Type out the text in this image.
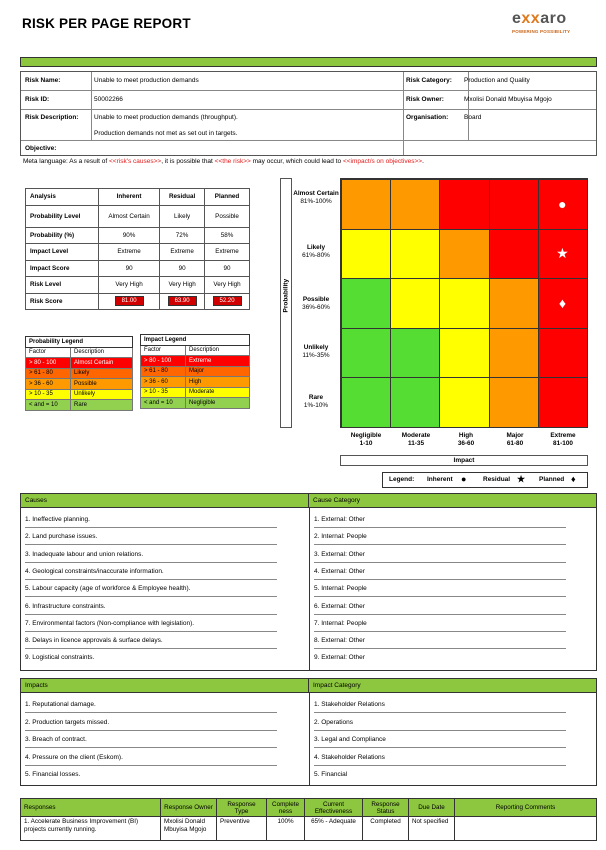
RISK PER PAGE REPORT	exxaro
POWERING POSSIBILITY
Risk Name:	Unable to meet production demands	Risk Category: Production and Quality
Risk ID:	50002266	Risk Owner:	Mxolisi Donald Mbuyisa Mgojo
Risk Description: Unable to meet production demands (throughput).
Production demands not met as set out in targets.
Organisation: Board
Objective:
Meta language: As a result of <<risk's causes>>, it is possible that <<the risk>> may occur, which could lead to <<impact/s on objectives>>.
Analysis	Inherent	Residual	Planned
Probability Level	Almost Certain	Likely	Possible
Probability (%)	90%	72%	58%
Impact Level	Extreme	Extreme	Extreme
Impact Score	90	90	90
Risk Level	Very High	Very High	Very High
Risk Score	81.00	63.90	52.20
Probability Legend	
Factor	Description
> 80 - 100	Almost Certain
> 61 - 80	Likely
> 36 - 60	Possible
> 10 - 35	Unlikely
< and = 10	Rare
Impact Legend	
Factor	Description
> 80 - 100	Extreme
> 61 - 80	Major
> 36 - 60	High
> 10 - 35	Moderate
< and = 10	Negligible
Probability
Almost Certain
81%-100%
Likely
61%-80%
Possible
36%-60%
Unlikely
11%-35%
Rare
1%-10%
●
★
♦
Negligible
1-10
Moderate
11-35
High
36-60
Major
61-80
Extreme
81-100
Impact
Legend: Inherent ●	Residual ★ Planned ♦
Causes	Cause Category
1. Ineffective planning.	1. External: Other
2. Land purchase issues.	2. Internal: People
3. Inadequate labour and union relations.	3. External: Other
4. Geological constraints/inaccurate information.	4. External: Other
5. Labour capacity (age of workforce & Employee health).	5. Internal: People
6. Infrastructure constraints.	6. External: Other
7. Environmental factors (Non-compliance with legislation).	7. Internal: People
8. Delays in licence approvals & surface delays.	8. External: Other
9. Logistical constraints.	9. External: Other
Impacts	Impact Category
1. Reputational damage.	1. Stakeholder Relations
2. Production targets missed.	2. Operations
3. Breach of contract.	3. Legal and Compliance
4. Pressure on the client (Eskom).	4. Stakeholder Relations
5. Financial losses.	5. Financial
Responses	Response Owner	Response Type	Complete ness	Current Effectiveness	Response Status	Due Date	Reporting Comments
1. Accelerate Business Improvement (BI) projects currently running.	Mxolisi Donald Mbuyisa Mgojo	Preventive	100%	65% - Adequate	Completed	Not specified	
